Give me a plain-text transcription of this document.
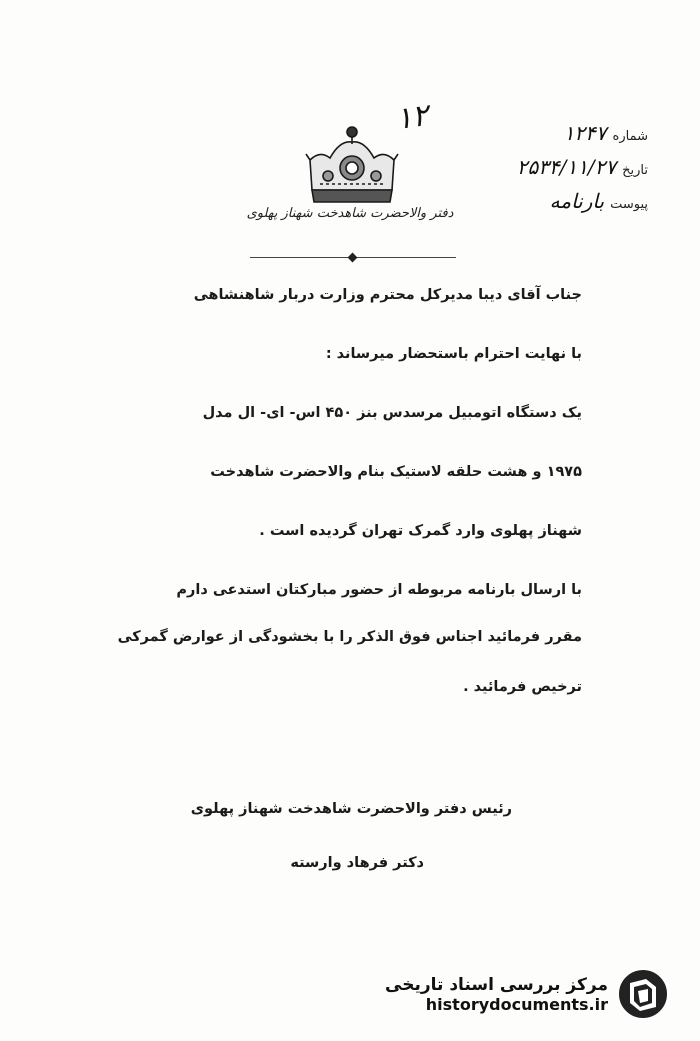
۱۲	شماره
۱۲۴۷
تاریخ
۲۵۳۴/۱۱/۲۷
پیوست
بارنامه
دفتر والاحضرت شاهدخت شهناز پهلوی
جناب آقای دیبا مدیرکل محترم وزارت دربار شاهنشاهی
با نهایت احترام باستحضار میرساند :
یک دستگاه اتومبیل مرسدس بنز ۴۵۰ اس- ای- ال مدل
۱۹۷۵ و هشت حلقه لاستیک بنام والاحضرت شاهدخت
شهناز پهلوی وارد گمرک تهران گردیده است .
با ارسال بارنامه مربوطه از حضور مبارکتان استدعی دارم
مقرر فرمائید اجناس فوق الذکر را با بخشودگی از عوارض گمرکی
ترخیص فرمائید .
رئیس دفتر والاحضرت شاهدخت شهناز پهلوی
دکتر فرهاد وارسته
مرکز بررسی اسناد تاریخی
historydocuments.ir
